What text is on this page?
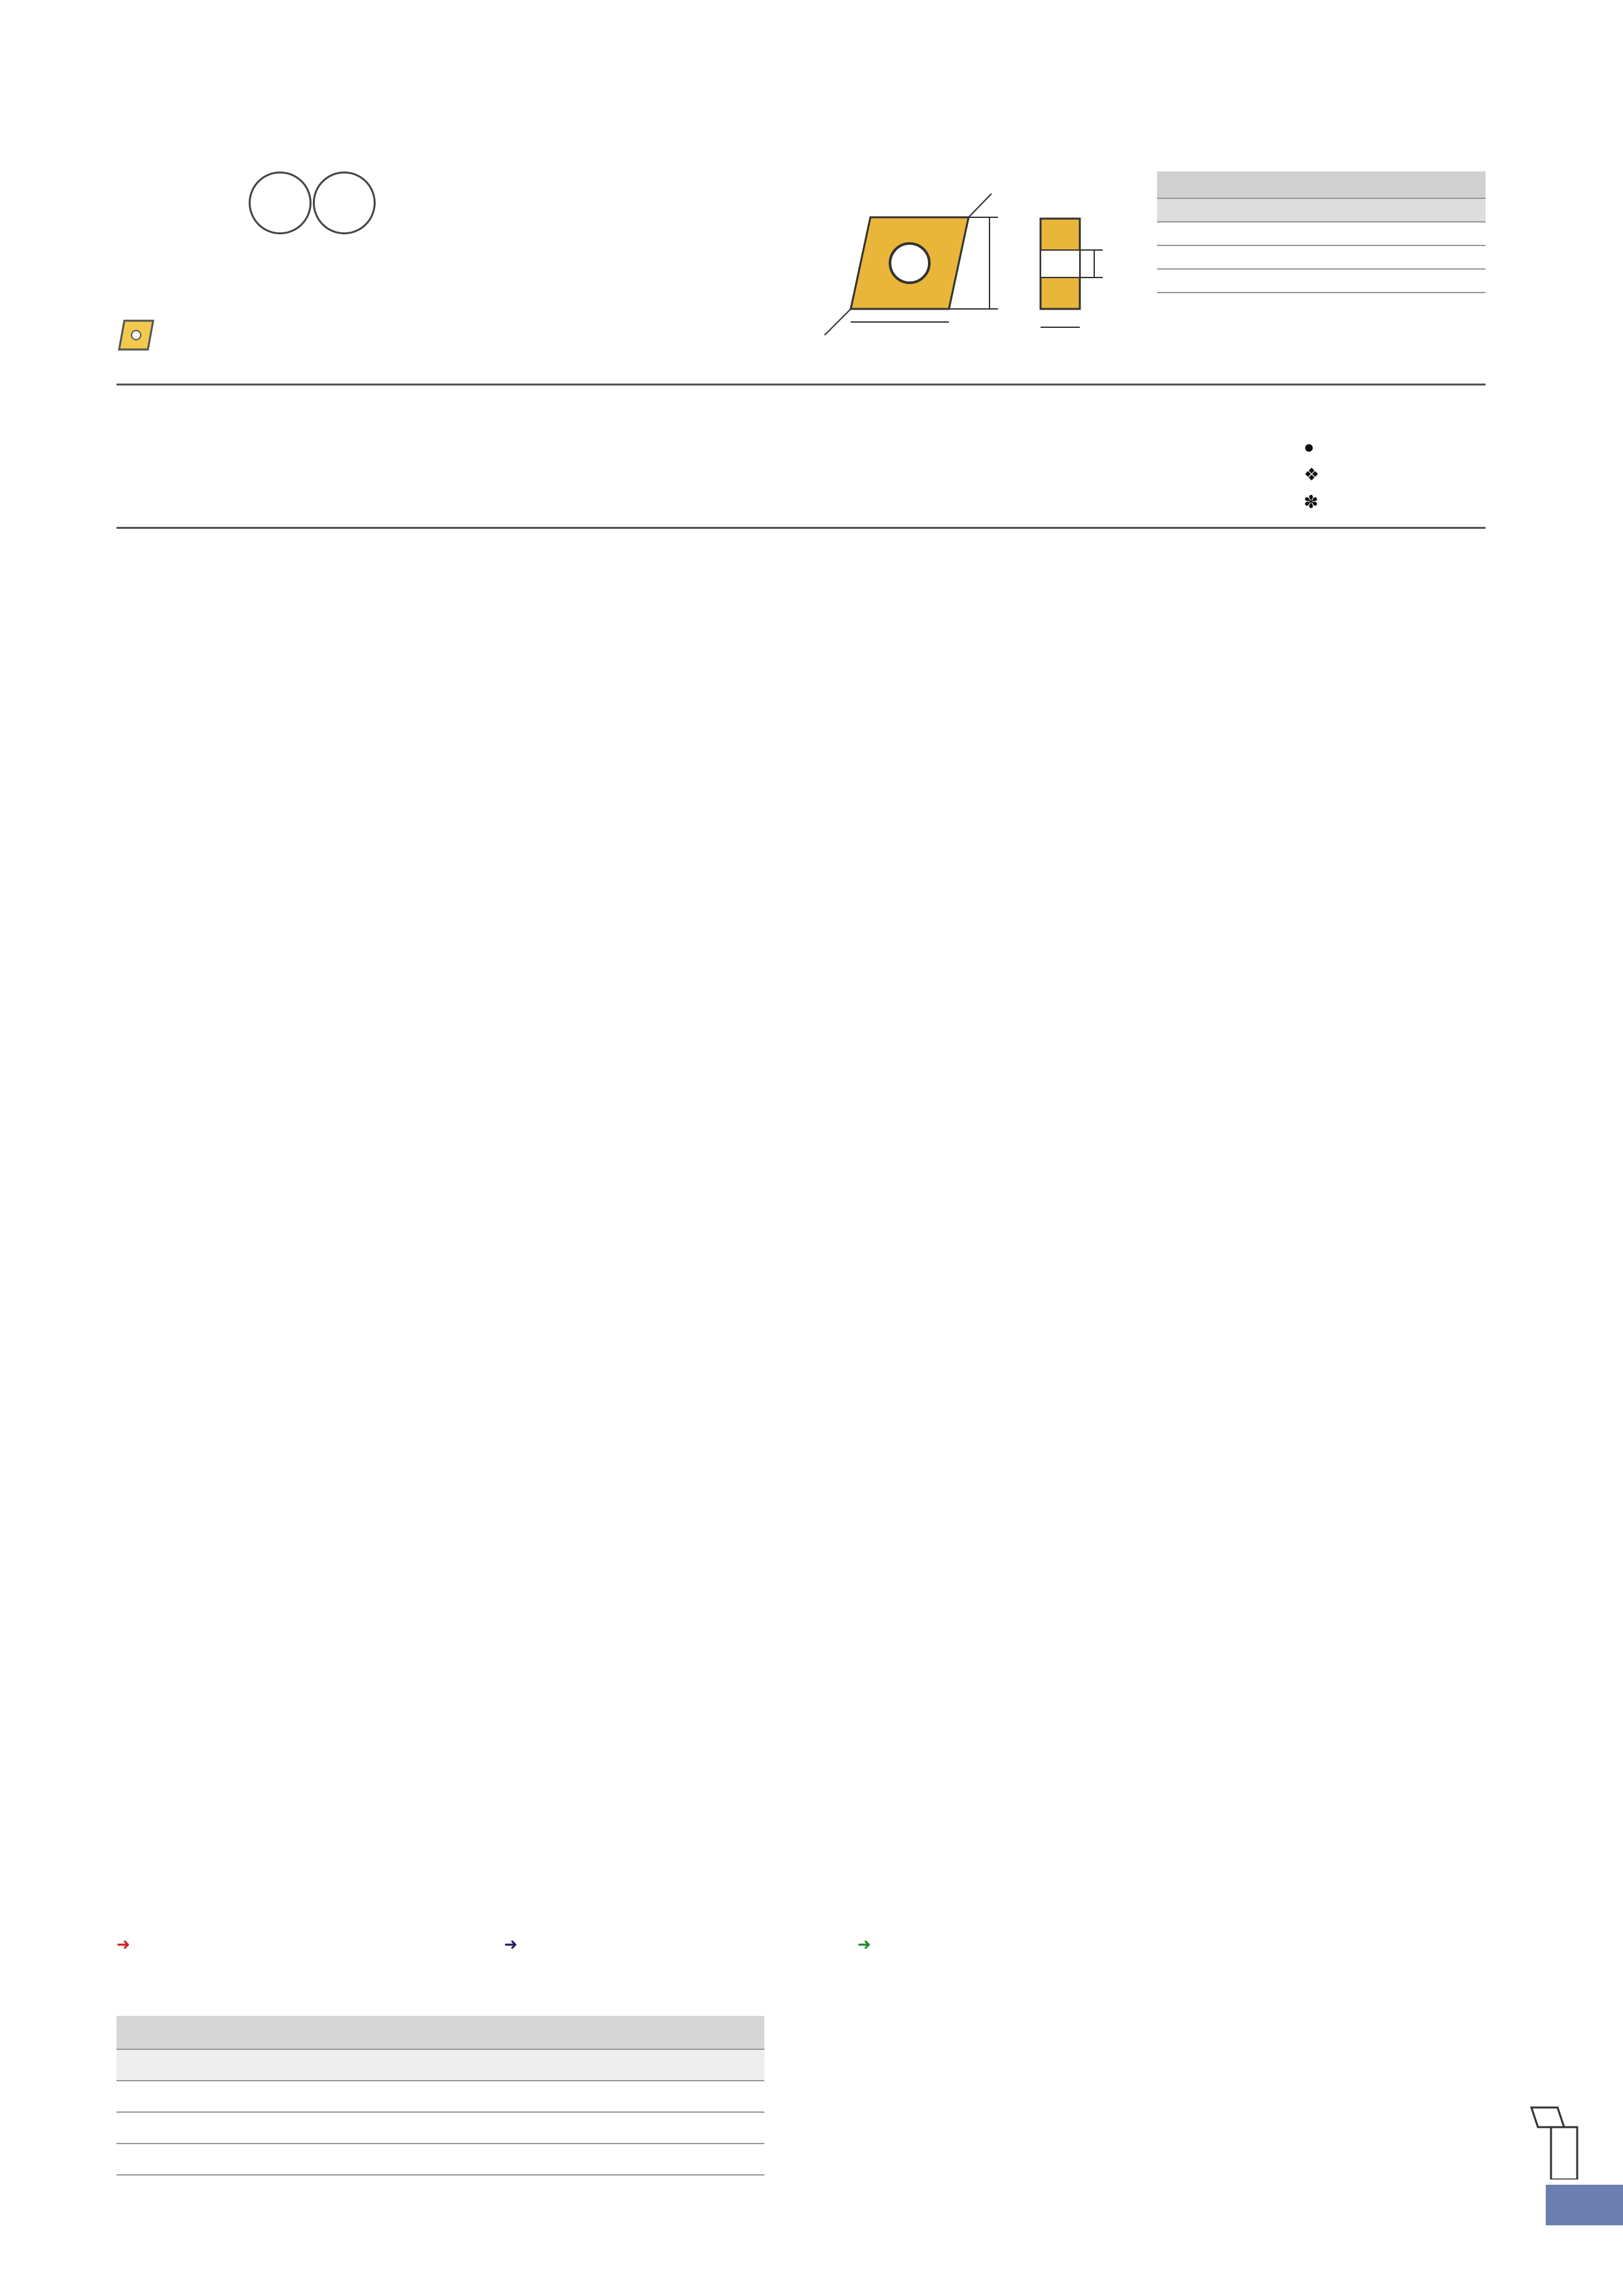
●
❖
✽
➜	➜	➜
